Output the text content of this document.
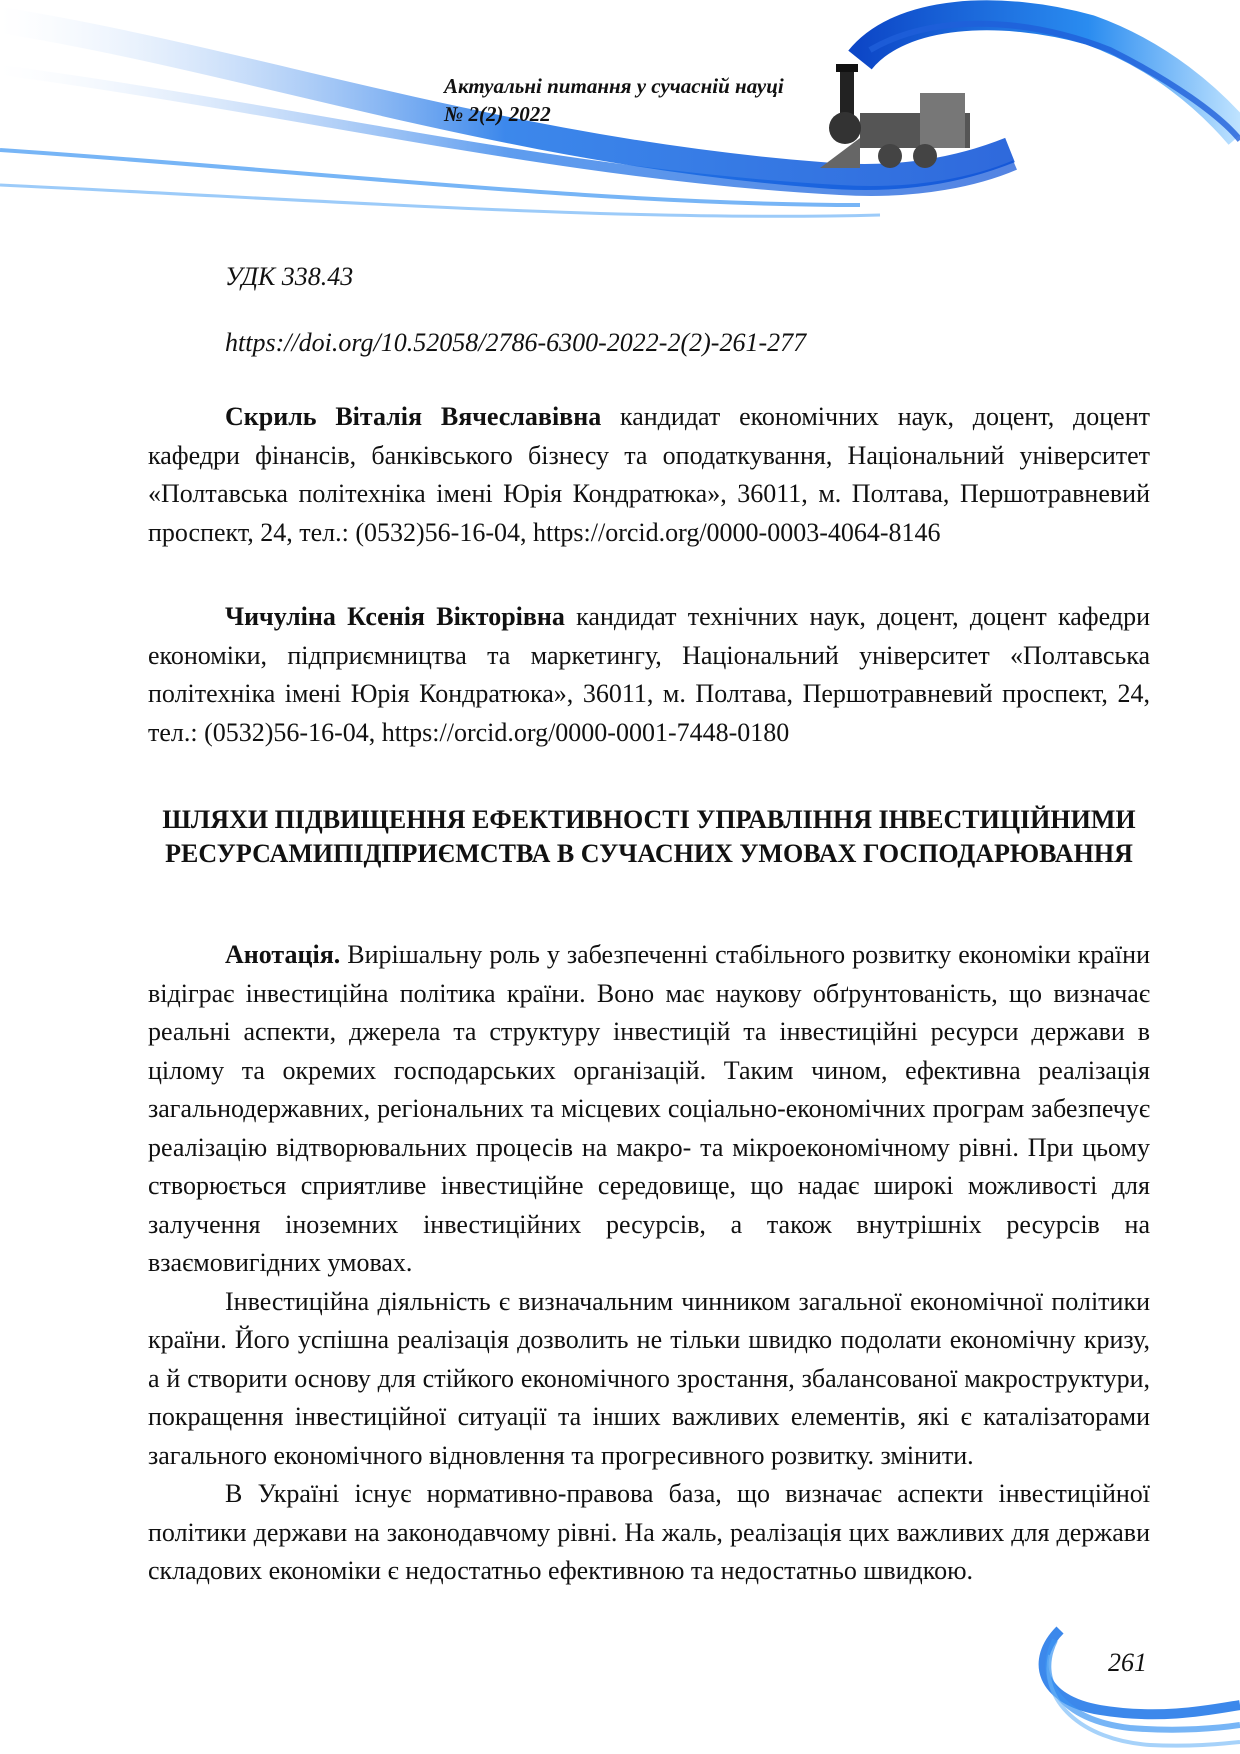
Актуальні питання у сучасній науці
№ 2(2) 2022
УДК 338.43
https://doi.org/10.52058/2786-6300-2022-2(2)-261-277

Скриль Віталія Вячеславівна кандидат економічних наук, доцент, доцент кафедри фінансів, банківського бізнесу та оподаткування, Національний університет «Полтавська політехніка імені Юрія Кондратюка», 36011, м. Полтава, Першотравневий проспект, 24, тел.: (0532)56-16-04, https://orcid.org/0000-0003-4064-8146

Чичуліна Ксенія Вікторівна кандидат технічних наук, доцент, доцент кафедри економіки, підприємництва та маркетингу, Національний університет «Полтавська політехніка імені Юрія Кондратюка», 36011, м. Полтава, Першотравневий проспект, 24, тел.: (0532)56-16-04, https://orcid.org/0000-0001-7448-0180

ШЛЯХИ ПІДВИЩЕННЯ ЕФЕКТИВНОСТІ УПРАВЛІННЯ ІНВЕСТИЦІЙНИМИ РЕСУРСАМИПІДПРИЄМСТВА В СУЧАСНИХ УМОВАХ ГОСПОДАРЮВАННЯ

Анотація. Вирішальну роль у забезпеченні стабільного розвитку економіки країни відіграє інвестиційна політика країни. Воно має наукову обґрунтованість, що визначає реальні аспекти, джерела та структуру інвестицій та інвестиційні ресурси держави в цілому та окремих господарських організацій. Таким чином, ефективна реалізація загальнодержавних, регіональних та місцевих соціально-економічних програм забезпечує реалізацію відтворювальних процесів на макро- та мікроекономічному рівні. При цьому створюється сприятливе інвестиційне середовище, що надає широкі можливості для залучення іноземних інвестиційних ресурсів, а також внутрішніх ресурсів на взаємовигідних умовах.

Інвестиційна діяльність є визначальним чинником загальної економічної політики країни. Його успішна реалізація дозволить не тільки швидко подолати економічну кризу, а й створити основу для стійкого економічного зростання, збалансованої макроструктури, покращення інвестиційної ситуації та інших важливих елементів, які є каталізаторами загального економічного відновлення та прогресивного розвитку. змінити.

В Україні існує нормативно-правова база, що визначає аспекти інвестиційної політики держави на законодавчому рівні. На жаль, реалізація цих важливих для держави складових економіки є недостатньо ефективною та недостатньо швидкою.

261
